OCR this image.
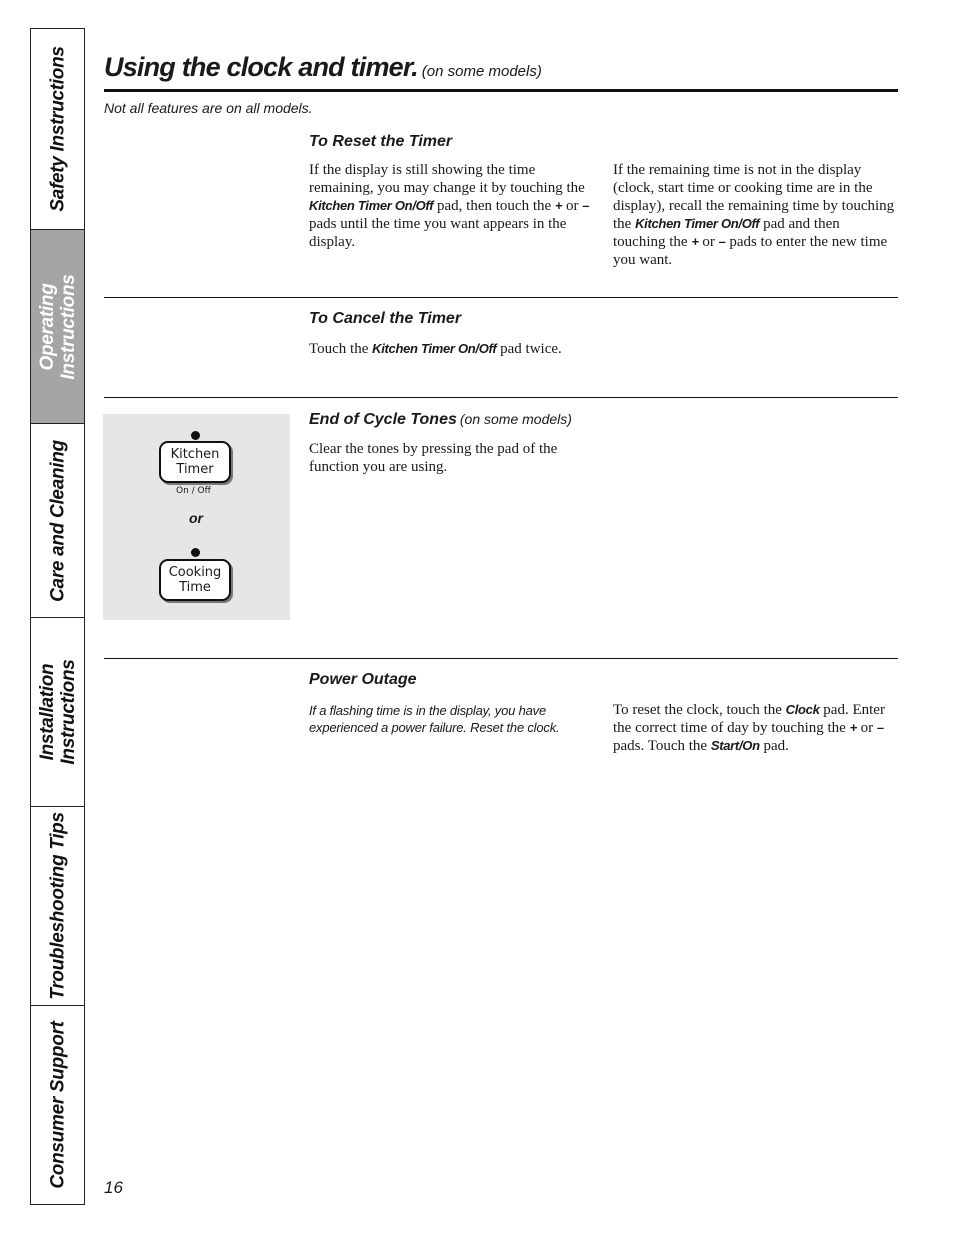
Safety Instructions
Operating
Instructions
Care and Cleaning
Installation
Instructions
Troubleshooting Tips
Consumer Support
Using the clock and timer. (on some models)
Not all features are on all models.
To Reset the Timer
If the display is still showing the time remaining, you may change it by touching the Kitchen Timer On/Off pad, then touch the + or – pads until the time you want appears in the display.
If the remaining time is not in the display (clock, start time or cooking time are in the display), recall the remaining time by touching the Kitchen Timer On/Off pad and then touching the + or – pads to enter the new time you want.
To Cancel the Timer
Touch the Kitchen Timer On/Off pad twice.
Kitchen
Timer
On / Off
or
Cooking
Time
End of Cycle Tones (on some models)
Clear the tones by pressing the pad of the function you are using.
Power Outage
If a flashing time is in the display, you have experienced a power failure. Reset the clock.
To reset the clock, touch the Clock pad. Enter the correct time of day by touching the + or – pads. Touch the Start/On pad.
16
